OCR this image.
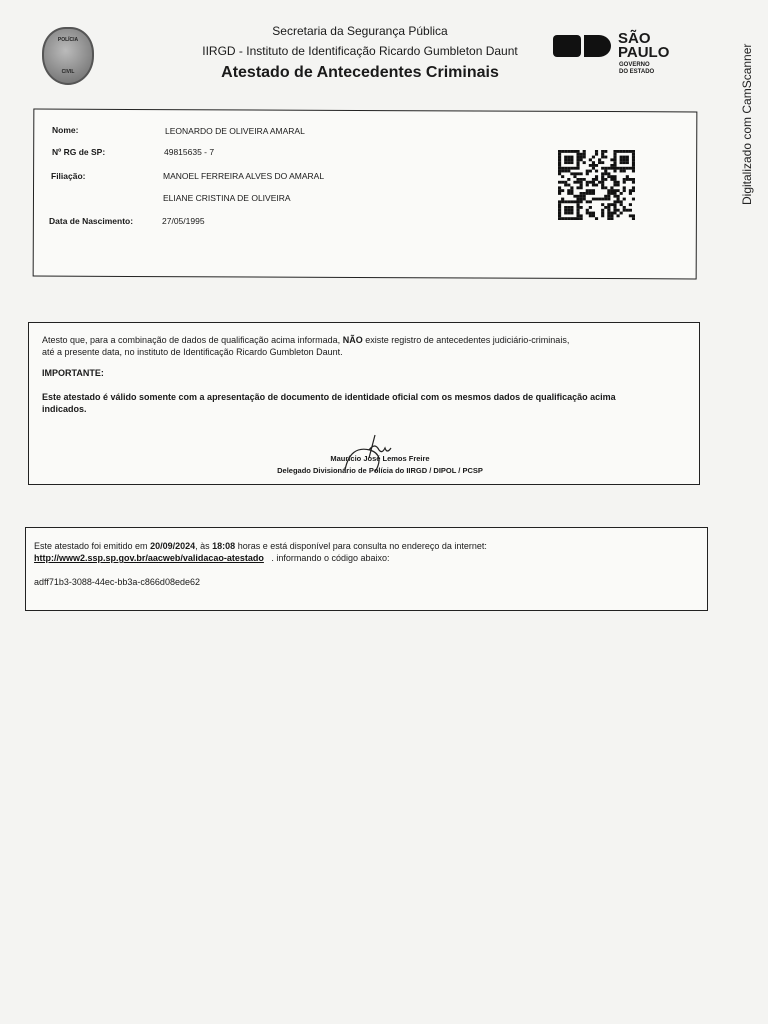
POLÍCIA
CIVIL
Secretaria da Segurança Pública
IIRGD - Instituto de Identificação Ricardo Gumbleton Daunt
Atestado de Antecedentes Criminais
SÃO
PAULO
GOVERNO
DO ESTADO
Nome:	LEONARDO DE OLIVEIRA AMARAL
Nº RG de SP:	49815635 - 7
Filiação:	MANOEL FERREIRA ALVES DO AMARAL
ELIANE CRISTINA DE OLIVEIRA
Data de Nascimento:	27/05/1995
Atesto que, para a combinação de dados de qualificação acima informada, NÃO existe registro de antecedentes judiciário-criminais, até a presente data, no instituto de Identificação Ricardo Gumbleton Daunt.
IMPORTANTE:
Este atestado é válido somente com a apresentação de documento de identidade oficial com os mesmos dados de qualificação acima indicados.
Maurício José Lemos Freire
Delegado Divisionário de Polícia do IIRGD / DIPOL / PCSP
Este atestado foi emitido em 20/09/2024, às 18:08 horas e está disponível para consulta no endereço da internet:
http://www2.ssp.sp.gov.br/aacweb/validacao-atestado . informando o código abaixo:
adff71b3-3088-44ec-bb3a-c866d08ede62
Digitalizado com CamScanner
